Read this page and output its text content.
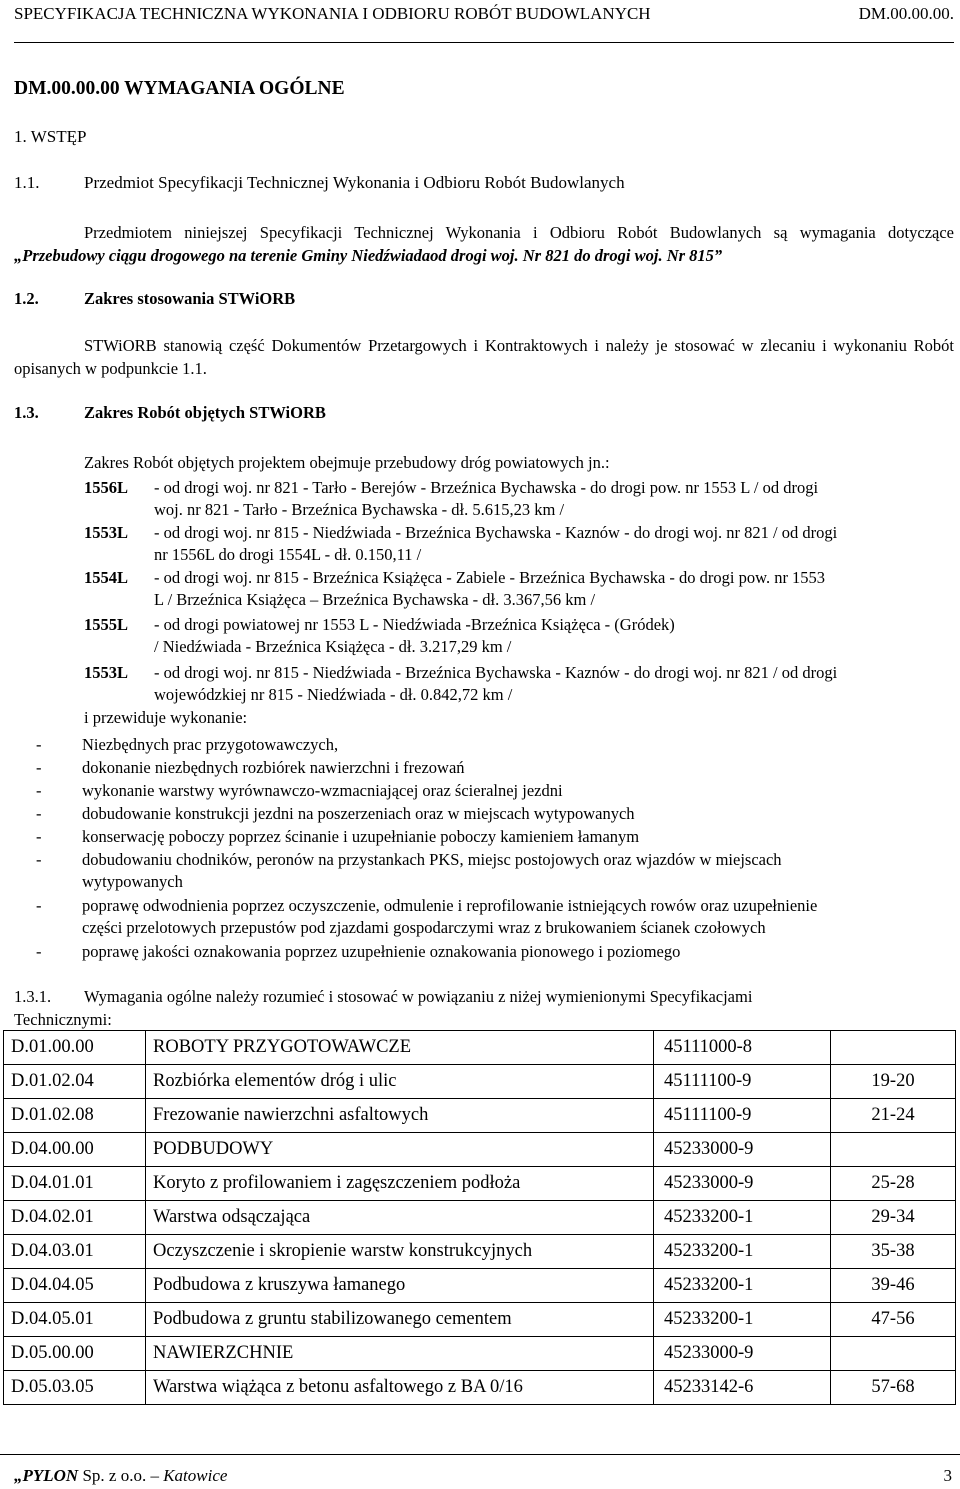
SPECYFIKACJA TECHNICZNA WYKONANIA I ODBIORU ROBÓT BUDOWLANYCH	DM.00.00.00.
DM.00.00.00 WYMAGANIA OGÓLNE
1. WSTĘP
1.1.	Przedmiot Specyfikacji Technicznej Wykonania i Odbioru Robót Budowlanych
Przedmiotem niniejszej Specyfikacji Technicznej Wykonania i Odbioru Robót Budowlanych są wymagania dotyczące „Przebudowy ciągu drogowego na terenie Gminy Niedźwiadaod drogi woj. Nr 821 do drogi woj. Nr 815”
1.2.	Zakres stosowania STWiORB
STWiORB stanowią część Dokumentów Przetargowych i Kontraktowych i należy je stosować w zlecaniu i wykonaniu Robót opisanych w podpunkcie 1.1.
1.3.	Zakres Robót objętych STWiORB
Zakres Robót objętych projektem obejmuje przebudowy dróg powiatowych jn.:
1556L - od drogi woj. nr 821 - Tarło - Berejów - Brzeźnica Bychawska - do drogi pow. nr 1553 L / od drogi
woj. nr 821 - Tarło - Brzeźnica Bychawska - dł. 5.615,23 km /
1553L - od drogi woj. nr 815 - Niedźwiada - Brzeźnica Bychawska - Kaznów - do drogi woj. nr 821 / od drogi
nr 1556L do drogi 1554L - dł. 0.150,11 /
1554L - od drogi woj. nr 815 - Brzeźnica Książęca - Zabiele - Brzeźnica Bychawska - do drogi pow. nr 1553
L / Brzeźnica Książęca – Brzeźnica Bychawska - dł. 3.367,56 km /
1555L - od drogi powiatowej nr 1553 L - Niedźwiada -Brzeźnica Książęca - (Gródek)
/ Niedźwiada - Brzeźnica Książęca - dł. 3.217,29 km /
1553L - od drogi woj. nr 815 - Niedźwiada - Brzeźnica Bychawska - Kaznów - do drogi woj. nr 821 / od drogi
wojewódzkiej nr 815 - Niedźwiada - dł. 0.842,72 km /
i przewiduje wykonanie:
- Niezbędnych prac przygotowawczych,
- dokonanie niezbędnych rozbiórek nawierzchni i frezowań
- wykonanie warstwy wyrównawczo-wzmacniającej oraz ścieralnej jezdni
- dobudowanie konstrukcji jezdni na poszerzeniach oraz w miejscach wytypowanych
- konserwację poboczy poprzez ścinanie i uzupełnianie poboczy kamieniem łamanym
- dobudowaniu chodników, peronów na przystankach PKS, miejsc postojowych oraz wjazdów w miejscach
wytypowanych
- poprawę odwodnienia poprzez oczyszczenie, odmulenie i reprofilowanie istniejących rowów oraz uzupełnienie
części przelotowych przepustów pod zjazdami gospodarczymi wraz z brukowaniem ścianek czołowych
- poprawę jakości oznakowania poprzez uzupełnienie oznakowania pionowego i poziomego
1.3.1. Wymagania ogólne należy rozumieć i stosować w powiązaniu z niżej wymienionymi Specyfikacjami
Technicznymi:
D.01.00.00	ROBOTY PRZYGOTOWAWCZE	45111000-8	
D.01.02.04	Rozbiórka elementów dróg i ulic	45111100-9	19-20
D.01.02.08	Frezowanie nawierzchni asfaltowych	45111100-9	21-24
D.04.00.00	PODBUDOWY	45233000-9	
D.04.01.01	Koryto z profilowaniem i zagęszczeniem podłoża	45233000-9	25-28
D.04.02.01	Warstwa odsączająca	45233200-1	29-34
D.04.03.01	Oczyszczenie i skropienie warstw konstrukcyjnych	45233200-1	35-38
D.04.04.05	Podbudowa z kruszywa łamanego	45233200-1	39-46
D.04.05.01	Podbudowa z gruntu stabilizowanego cementem	45233200-1	47-56
D.05.00.00	NAWIERZCHNIE	45233000-9	
D.05.03.05	Warstwa wiążąca z betonu asfaltowego z BA 0/16	45233142-6	57-68
„PYLON Sp. z o.o. – Katowice	3
